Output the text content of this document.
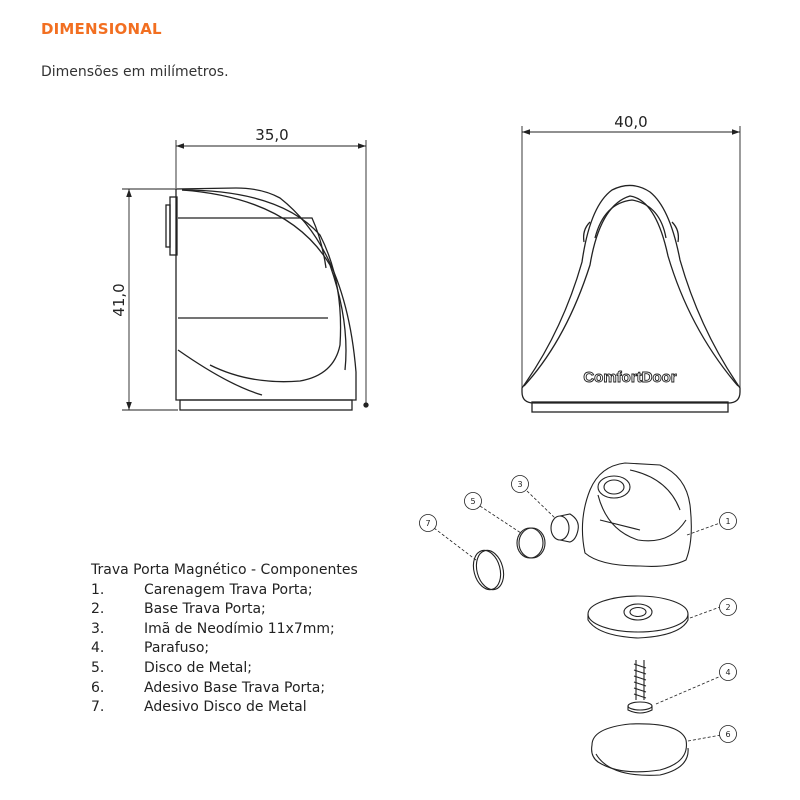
DIMENSIONAL
Dimensões em milímetros.
35,0
41,0
40,0
ComfortDoor
1
2
3
4
5
6
7
Trava Porta Magnético - Componentes
1.	Carenagem Trava Porta;
2.	Base Trava Porta;
3.	Imã de Neodímio 11x7mm;
4.	Parafuso;
5.	Disco de Metal;
6.	Adesivo Base Trava Porta;
7.	Adesivo Disco de Metal
